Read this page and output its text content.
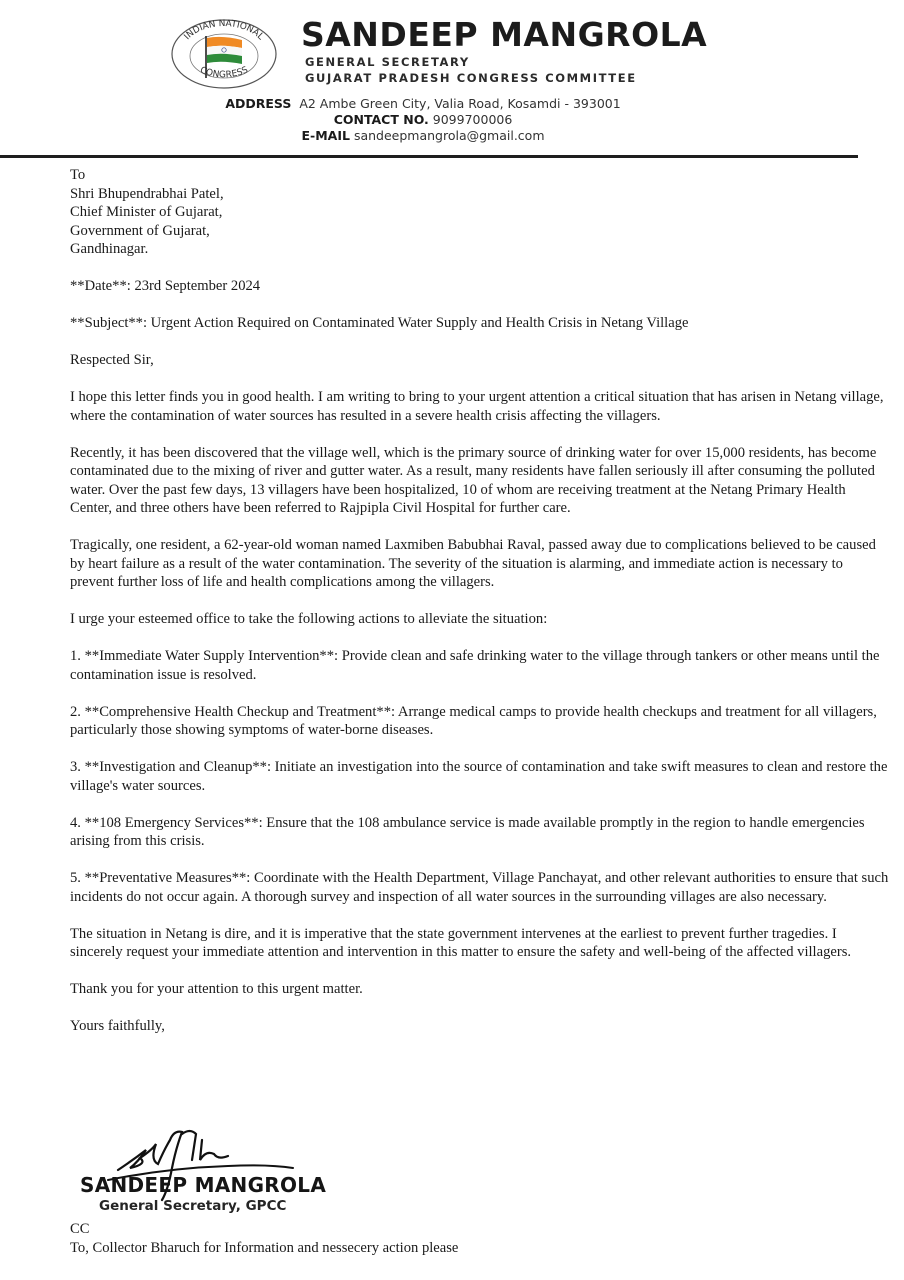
INDIAN NATIONAL
CONGRESS
SANDEEP MANGROLA
GENERAL SECRETARY
GUJARAT PRADESH CONGRESS COMMITTEE
ADDRESS A2 Ambe Green City, Valia Road, Kosamdi - 393001
CONTACT NO. 9099700006
E-MAIL sandeepmangrola@gmail.com
To
Shri Bhupendrabhai Patel,
Chief Minister of Gujarat,
Government of Gujarat,
Gandhinagar.

**Date**: 23rd September 2024

**Subject**: Urgent Action Required on Contaminated Water Supply and Health Crisis in Netang Village

Respected Sir,

I hope this letter finds you in good health. I am writing to bring to your urgent attention a critical situation that has arisen in Netang village, where the contamination of water sources has resulted in a severe health crisis affecting the villagers.

Recently, it has been discovered that the village well, which is the primary source of drinking water for over 15,000 residents, has become contaminated due to the mixing of river and gutter water. As a result, many residents have fallen seriously ill after consuming the polluted water. Over the past few days, 13 villagers have been hospitalized, 10 of whom are receiving treatment at the Netang Primary Health Center, and three others have been referred to Rajpipla Civil Hospital for further care.

Tragically, one resident, a 62-year-old woman named Laxmiben Babubhai Raval, passed away due to complications believed to be caused by heart failure as a result of the water contamination. The severity of the situation is alarming, and immediate action is necessary to prevent further loss of life and health complications among the villagers.

I urge your esteemed office to take the following actions to alleviate the situation:

1. **Immediate Water Supply Intervention**: Provide clean and safe drinking water to the village through tankers or other means until the contamination issue is resolved.

2. **Comprehensive Health Checkup and Treatment**: Arrange medical camps to provide health checkups and treatment for all villagers, particularly those showing symptoms of water-borne diseases.

3. **Investigation and Cleanup**: Initiate an investigation into the source of contamination and take swift measures to clean and restore the village's water sources.

4. **108 Emergency Services**: Ensure that the 108 ambulance service is made available promptly in the region to handle emergencies arising from this crisis.

5. **Preventative Measures**: Coordinate with the Health Department, Village Panchayat, and other relevant authorities to ensure that such incidents do not occur again. A thorough survey and inspection of all water sources in the surrounding villages are also necessary.

The situation in Netang is dire, and it is imperative that the state government intervenes at the earliest to prevent further tragedies. I sincerely request your immediate attention and intervention in this matter to ensure the safety and well-being of the affected villagers.

Thank you for your attention to this urgent matter.

Yours faithfully,

SANDEEP MANGROLA
General Secretary, GPCC
CC
To, Collector Bharuch for Information and nessecery action please
